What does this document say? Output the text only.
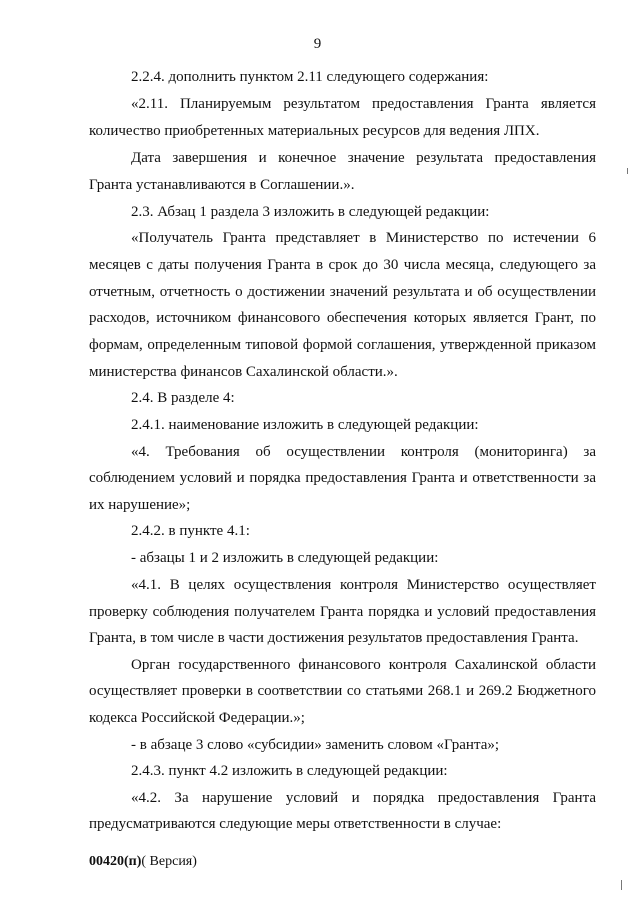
9
2.2.4. дополнить пунктом 2.11 следующего содержания:
«2.11. Планируемым результатом предоставления Гранта является
количество приобретенных материальных ресурсов для ведения ЛПХ.
Дата завершения и конечное значение результата предоставления
Гранта устанавливаются в Соглашении.».
2.3. Абзац 1 раздела 3 изложить в следующей редакции:
«Получатель Гранта представляет в Министерство по истечении 6
месяцев с даты получения Гранта в срок до 30 числа месяца, следующего за
отчетным, отчетность о достижении значений результата и об осуществлении
расходов, источником финансового обеспечения которых является Грант, по
формам, определенным типовой формой соглашения, утвержденной приказом
министерства финансов Сахалинской области.».
2.4. В разделе 4:
2.4.1. наименование изложить в следующей редакции:
«4. Требования об осуществлении контроля (мониторинга) за
соблюдением условий и порядка предоставления Гранта и ответственности за
их нарушение»;
2.4.2. в пункте 4.1:
- абзацы 1 и 2 изложить в следующей редакции:
«4.1. В целях осуществления контроля Министерство осуществляет
проверку соблюдения получателем Гранта порядка и условий предоставления
Гранта, в том числе в части достижения результатов предоставления Гранта.
Орган государственного финансового контроля Сахалинской области
осуществляет проверки в соответствии со статьями 268.1 и 269.2 Бюджетного
кодекса Российской Федерации.»;
- в абзаце 3 слово «субсидии» заменить словом «Гранта»;
2.4.3. пункт 4.2 изложить в следующей редакции:
«4.2. За нарушение условий и порядка предоставления Гранта
предусматриваются следующие меры ответственности в случае:
00420(п)( Версия)
